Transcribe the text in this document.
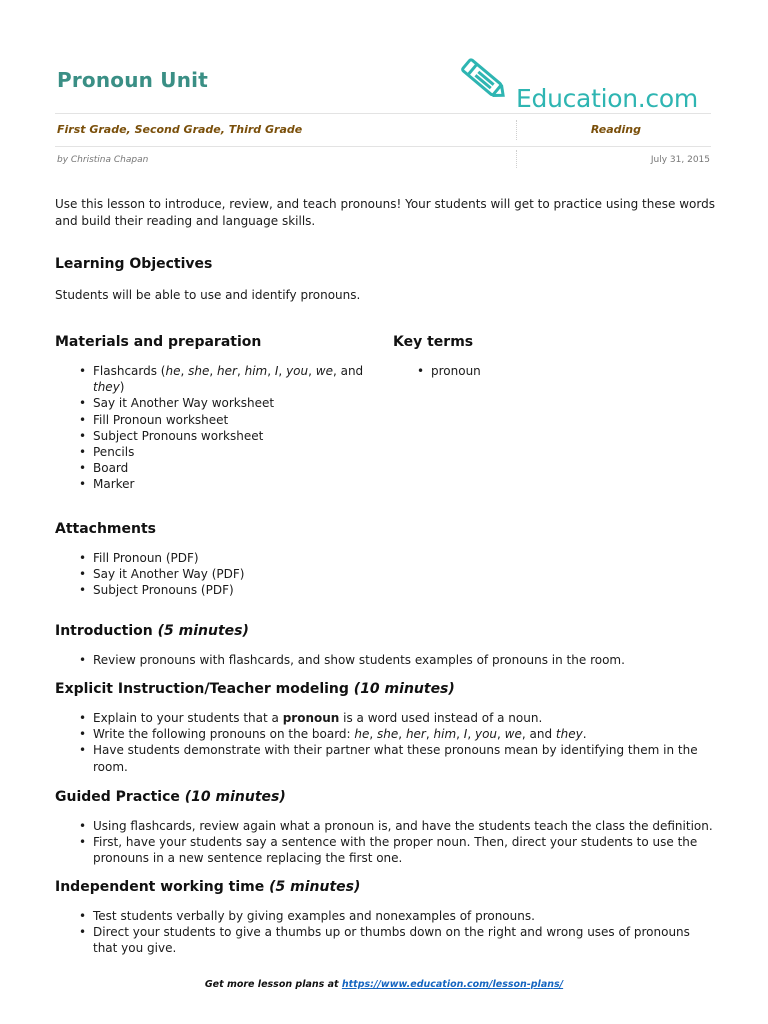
Pronoun Unit
Education.com
First Grade, Second Grade, Third Grade	Reading
by Christina Chapan	July 31, 2015
Use this lesson to introduce, review, and teach pronouns! Your students will get to practice using these words and build their reading and language skills.
Learning Objectives
Students will be able to use and identify pronouns.
Materials and preparation
• Flashcards (he, she, her, him, I, you, we, and
they)
• Say it Another Way worksheet
• Fill Pronoun worksheet
• Subject Pronouns worksheet
• Pencils
• Board
• Marker
Key terms
• pronoun
Attachments
• Fill Pronoun (PDF)
• Say it Another Way (PDF)
• Subject Pronouns (PDF)
Introduction (5 minutes)
• Review pronouns with flashcards, and show students examples of pronouns in the room.
Explicit Instruction/Teacher modeling (10 minutes)
• Explain to your students that a pronoun is a word used instead of a noun.
• Write the following pronouns on the board: he, she, her, him, I, you, we, and they.
• Have students demonstrate with their partner what these pronouns mean by identifying them in the room.
Guided Practice (10 minutes)
• Using flashcards, review again what a pronoun is, and have the students teach the class the definition.
• First, have your students say a sentence with the proper noun. Then, direct your students to use the pronouns in a new sentence replacing the first one.
Independent working time (5 minutes)
• Test students verbally by giving examples and nonexamples of pronouns.
• Direct your students to give a thumbs up or thumbs down on the right and wrong uses of pronouns that you give.
Get more lesson plans at https://www.education.com/lesson-plans/
